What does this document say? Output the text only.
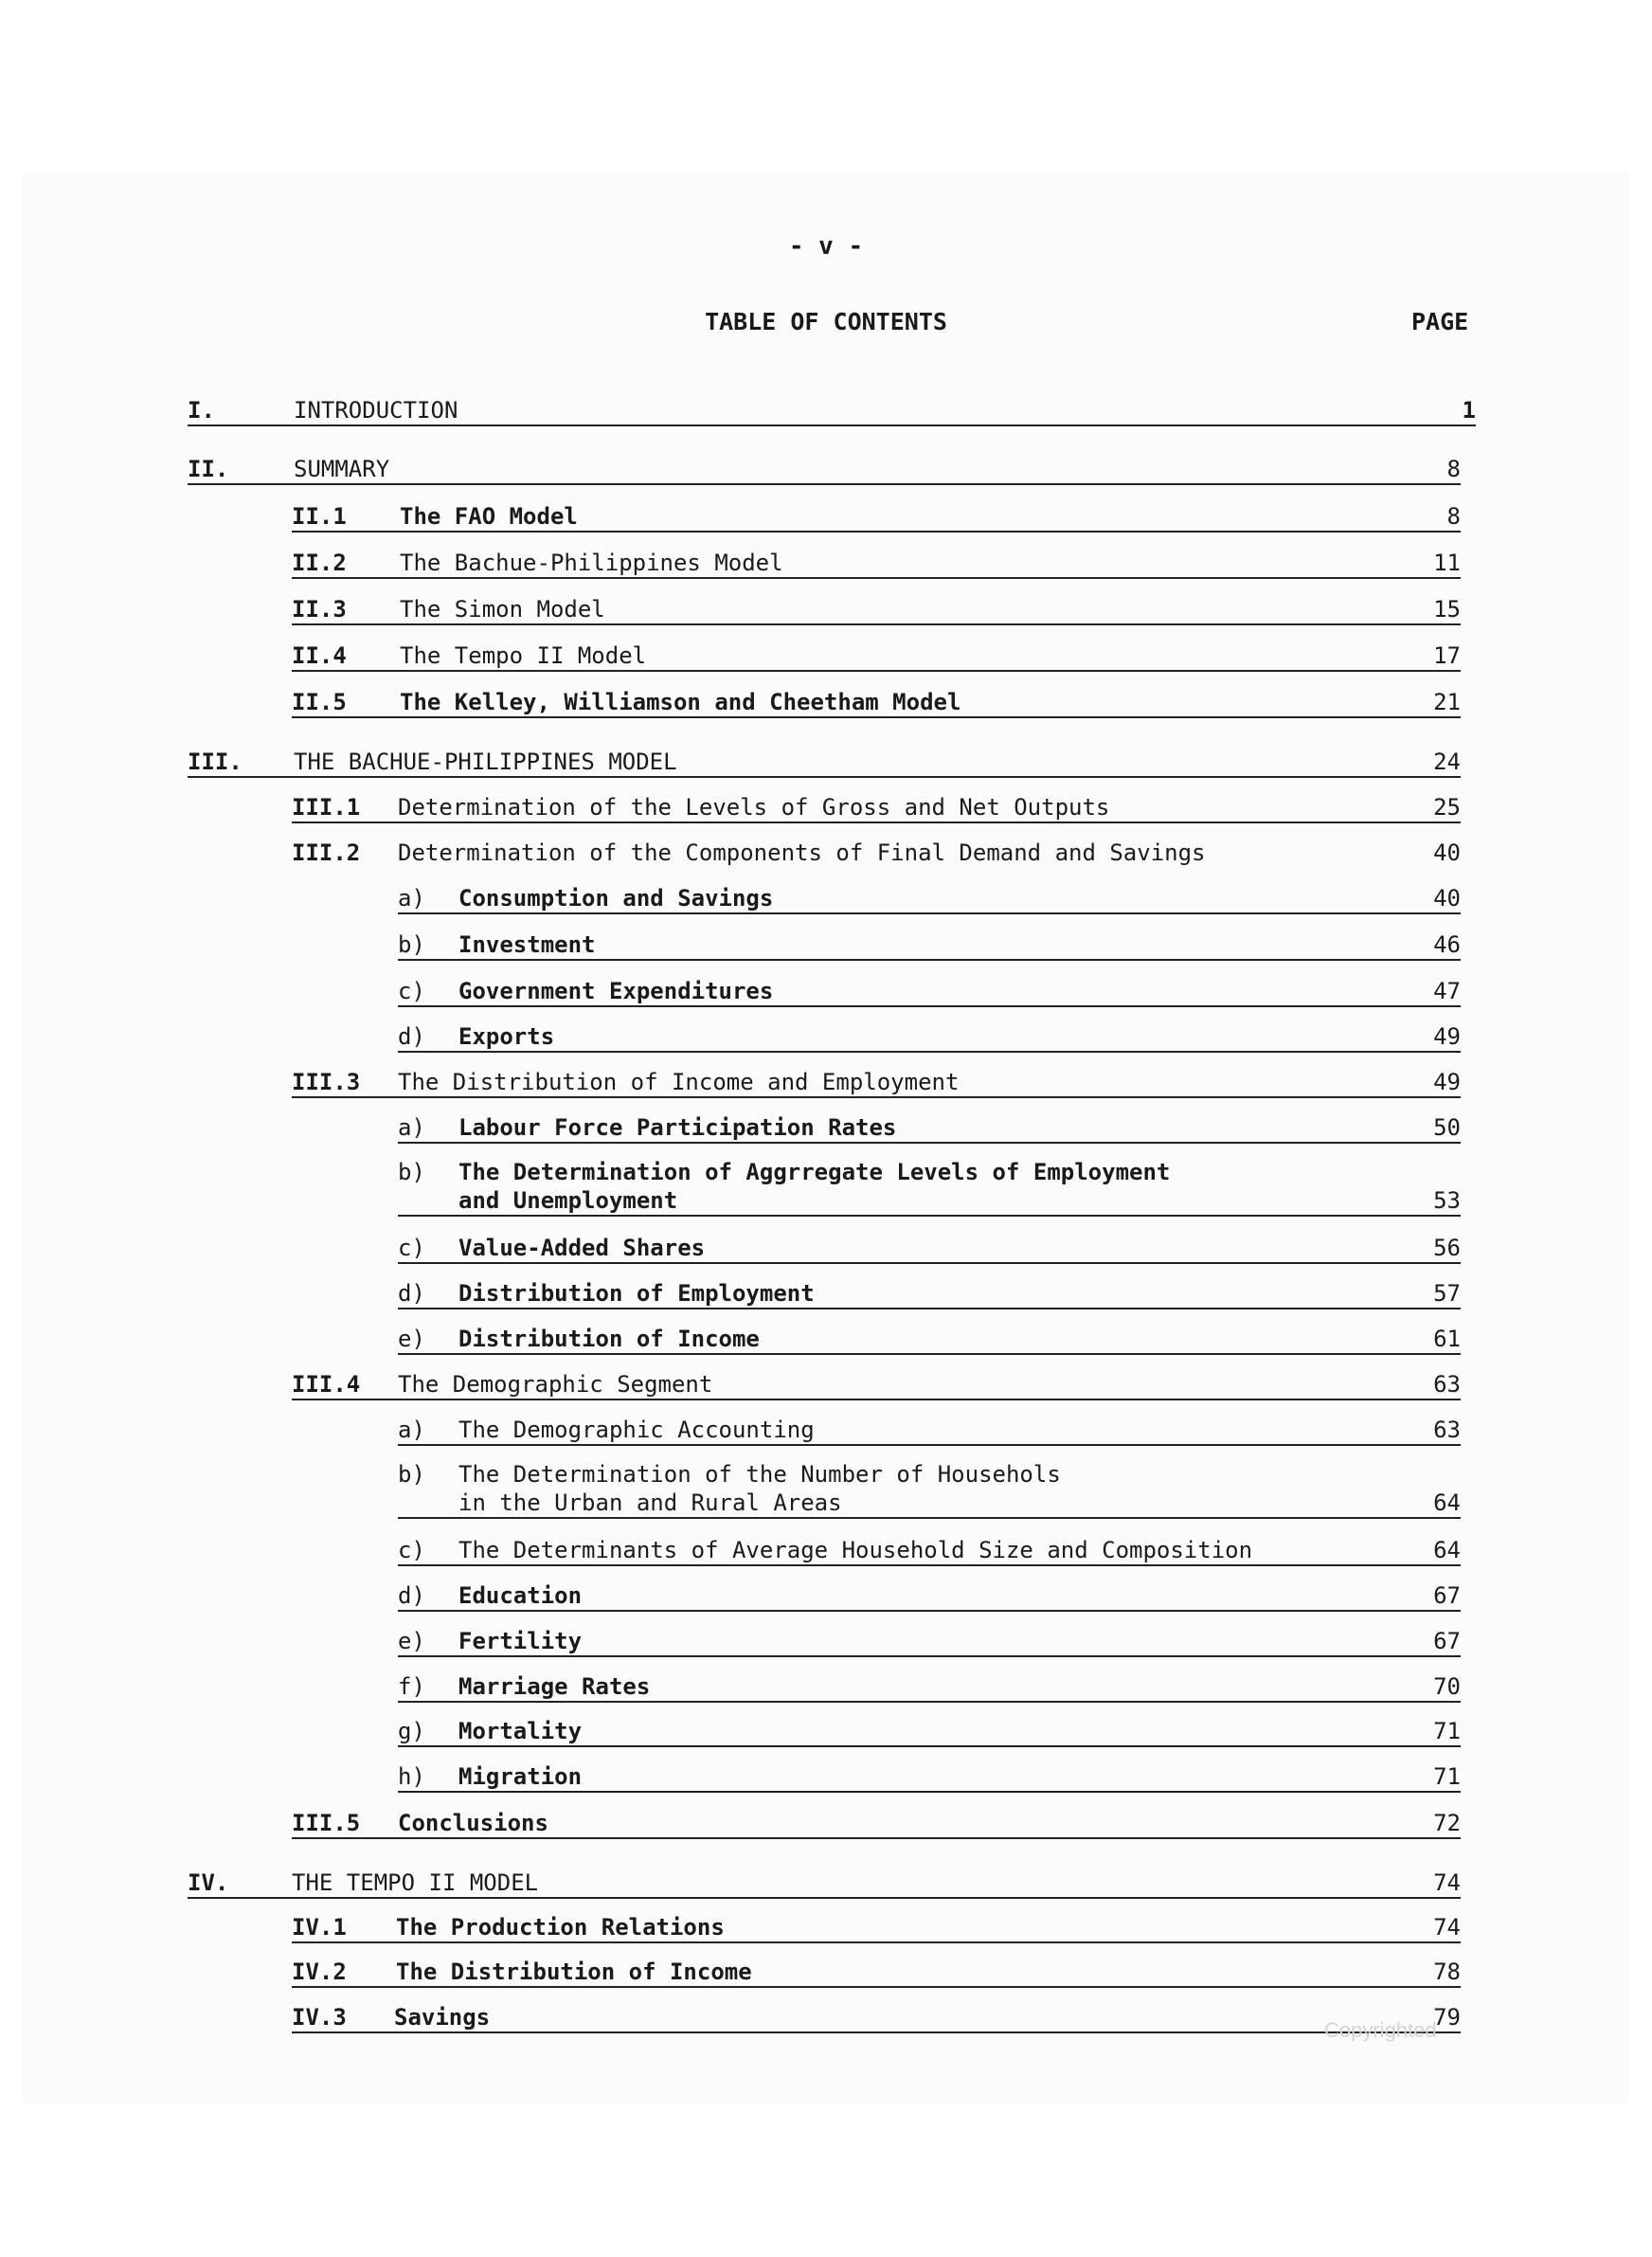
- v -
TABLE OF CONTENTS	PAGE
I.	INTRODUCTION	1
II.	SUMMARY	8
II.1 The FAO Model	8
II.2 The Bachue-Philippines Model	11
II.3 The Simon Model	15
II.4 The Tempo II Model	17
II.5 The Kelley, Williamson and Cheetham Model	21
III. THE BACHUE-PHILIPPINES MODEL	24
III.1 Determination of the Levels of Gross and Net Outputs	25
III.2 Determination of the Components of Final Demand and Savings	40
a) Consumption and Savings	40
b) Investment	46
c) Government Expenditures	47
d) Exports	49
III.3 The Distribution of Income and Employment	49
a) Labour Force Participation Rates	50
b) The Determination of Aggrregate Levels of Employment
and Unemployment	53
c) Value-Added Shares	56
d) Distribution of Employment	57
e) Distribution of Income	61
III.4 The Demographic Segment	63
a) The Demographic Accounting	63
b) The Determination of the Number of Househols
in the Urban and Rural Areas	64
c) The Determinants of Average Household Size and Composition	64
d) Education	67
e) Fertility	67
f) Marriage Rates	70
g) Mortality	71
h) Migration	71
III.5 Conclusions	72
IV.	THE TEMPO II MODEL	74
IV.1 The Production Relations	74
IV.2 The Distribution of Income	78
IV.3 Savings	79
Copyrighted
